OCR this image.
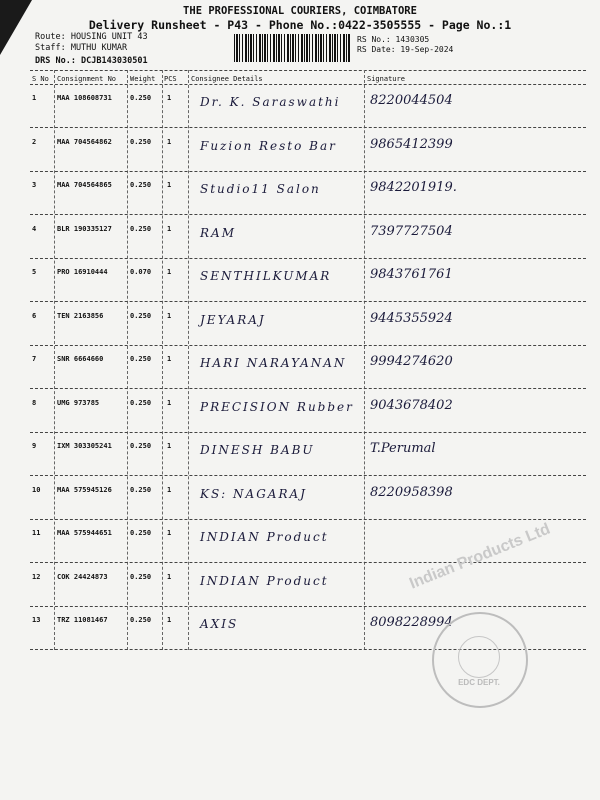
THE PROFESSIONAL COURIERS, COIMBATORE
Delivery Runsheet - P43 - Phone No.:0422-3505555 - Page No.:1
Route: HOUSING UNIT 43
Staff: MUTHU KUMAR
DRS No.: DCJB143030501
RS No.: 1430305
RS Date: 19-Sep-2024
S No Consignment No Weight PCS Consignee Details	Signature
1	MAA 108608731	0.250 1 Dr. K. Saraswathi 8220044504
2	MAA 704564862	0.250 1 Fuzion Resto Bar	9865412399
3	MAA 704564865	0.250 1 Studio11 Salon	9842201919.
4	BLR 190335127	0.250 1 RAM	7397727504
5	PRO 16910444	0.070 1 SENTHILKUMAR	9843761761
6	TEN 2163856	0.250 1 JEYARAJ	9445355924
7	SNR 6664660	0.250 1 HARI NARAYANAN 9994274620
8	UMG 973785	0.250 1 PRECISION Rubber 9043678402
9	IXM 303305241	0.250 1 DINESH BABU	T.Perumal
10 MAA 575945126	0.250 1 KS: NAGARAJ	8220958398
11 MAA 575944651	0.250 1 INDIAN Product
12 COK 24424873	0.250 1 INDIAN Product
13 TRZ 11081467	0.250 1 AXIS	8098228994
Indian Products Ltd
EDC DEPT.
